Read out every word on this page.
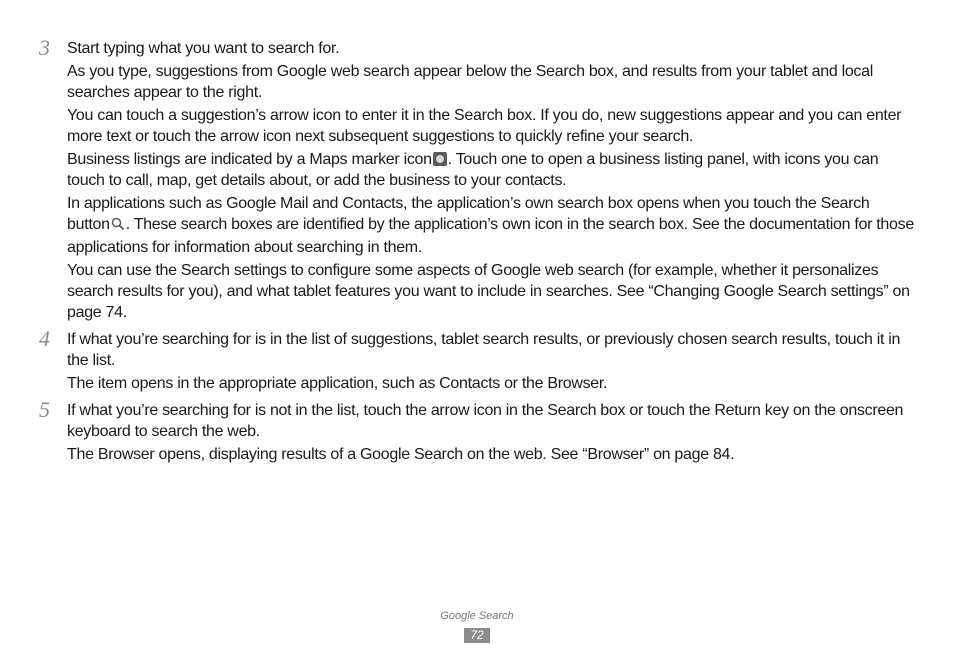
3 Start typing what you want to search for.

As you type, suggestions from Google web search appear below the Search box, and results from your tablet and local searches appear to the right.

You can touch a suggestion’s arrow icon to enter it in the Search box. If you do, new suggestions appear and you can enter more text or touch the arrow icon next subsequent suggestions to quickly refine your search.

Business listings are indicated by a Maps marker icon . Touch one to open a business listing panel, with icons you can touch to call, map, get details about, or add the business to your contacts.

In applications such as Google Mail and Contacts, the application’s own search box opens when you touch the Search button . These search boxes are identified by the application’s own icon in the search box. See the documentation for those applications for information about searching in them.

You can use the Search settings to configure some aspects of Google web search (for example, whether it personalizes search results for you), and what tablet features you want to include in searches. See “Changing Google Search settings” on page 74.

4 If what you’re searching for is in the list of suggestions, tablet search results, or previously chosen search results, touch it in the list.

The item opens in the appropriate application, such as Contacts or the Browser.

5 If what you’re searching for is not in the list, touch the arrow icon in the Search box or touch the Return key on the onscreen keyboard to search the web.

The Browser opens, displaying results of a Google Search on the web. See “Browser” on page 84.

Google Search
72
